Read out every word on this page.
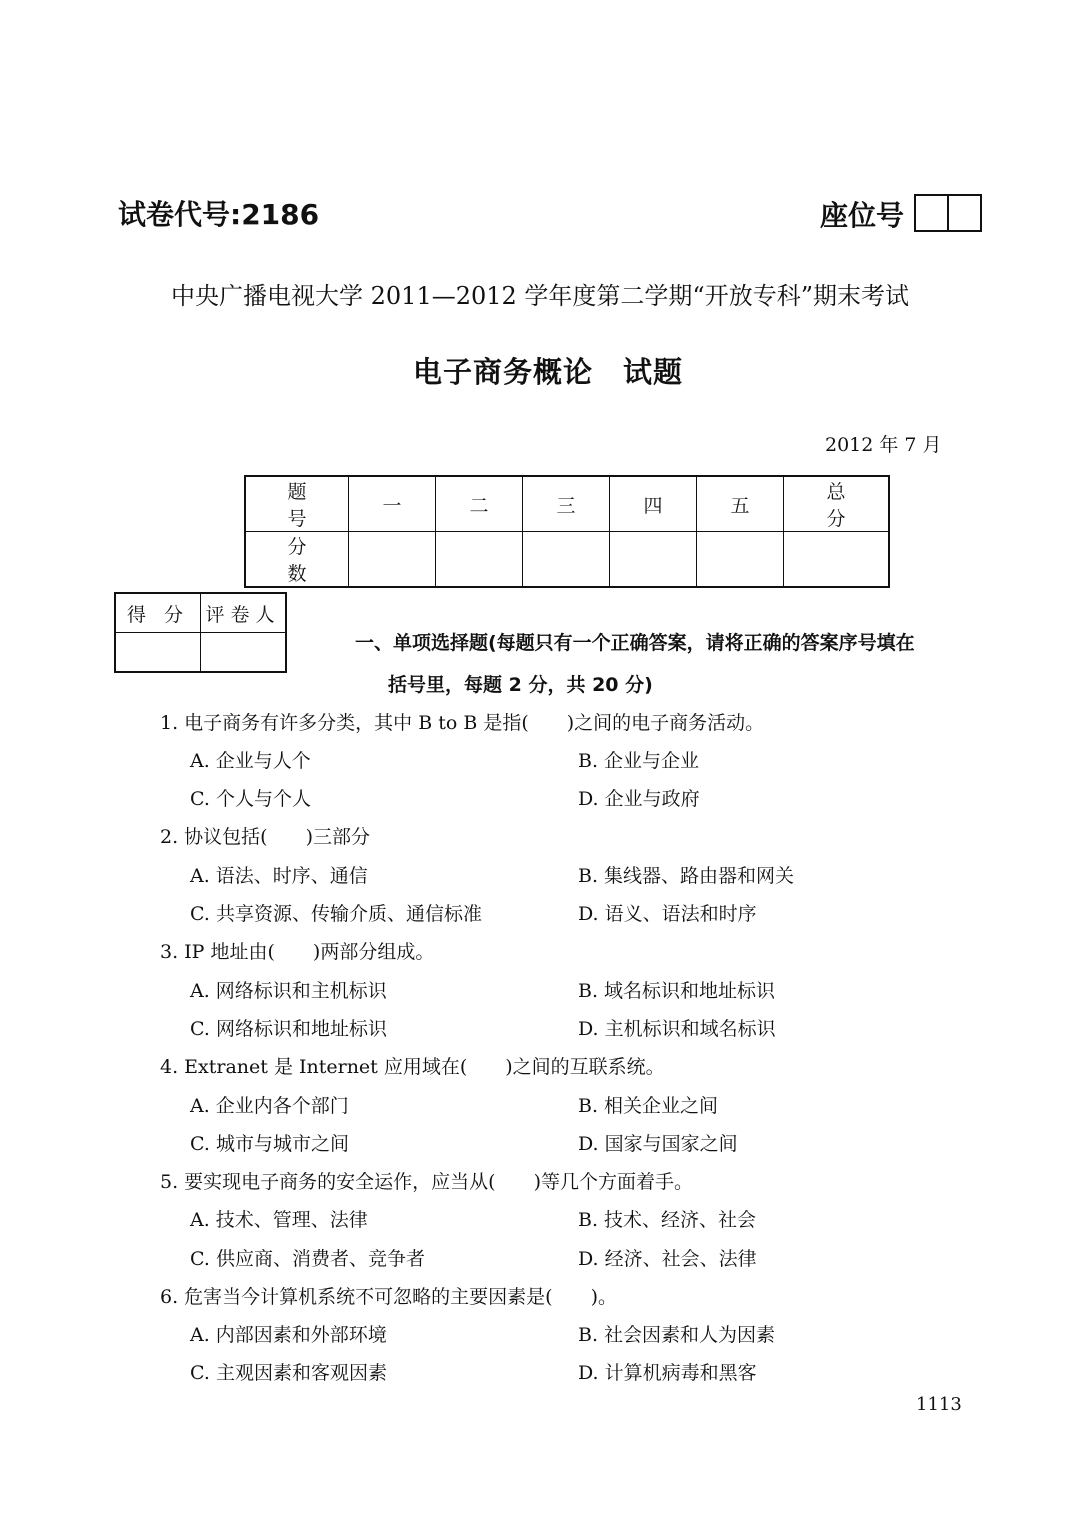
试卷代号:2186	座位号
中央广播电视大学 2011—2012 学年度第二学期“开放专科”期末考试
电子商务概论　试题
2012 年 7 月
题 号	一	二	三	四	五	总 分
分 数						
得 分	评卷人

一、单项选择题(每题只有一个正确答案，请将正确的答案序号填在
括号里，每题 2 分，共 20 分)
1. 电子商务有许多分类，其中 B to B 是指(　　)之间的电子商务活动。
A. 企业与人个	B. 企业与企业
C. 个人与个人	D. 企业与政府
2. 协议包括(　　)三部分
A. 语法、时序、通信	B. 集线器、路由器和网关
C. 共享资源、传输介质、通信标准	D. 语义、语法和时序
3. IP 地址由(　　)两部分组成。
A. 网络标识和主机标识	B. 域名标识和地址标识
C. 网络标识和地址标识	D. 主机标识和域名标识
4. Extranet 是 Internet 应用域在(　　)之间的互联系统。
A. 企业内各个部门	B. 相关企业之间
C. 城市与城市之间	D. 国家与国家之间
5. 要实现电子商务的安全运作，应当从(　　)等几个方面着手。
A. 技术、管理、法律	B. 技术、经济、社会
C. 供应商、消费者、竞争者	D. 经济、社会、法律
6. 危害当今计算机系统不可忽略的主要因素是(　　)。
A. 内部因素和外部环境	B. 社会因素和人为因素
C. 主观因素和客观因素	D. 计算机病毒和黑客
1113
